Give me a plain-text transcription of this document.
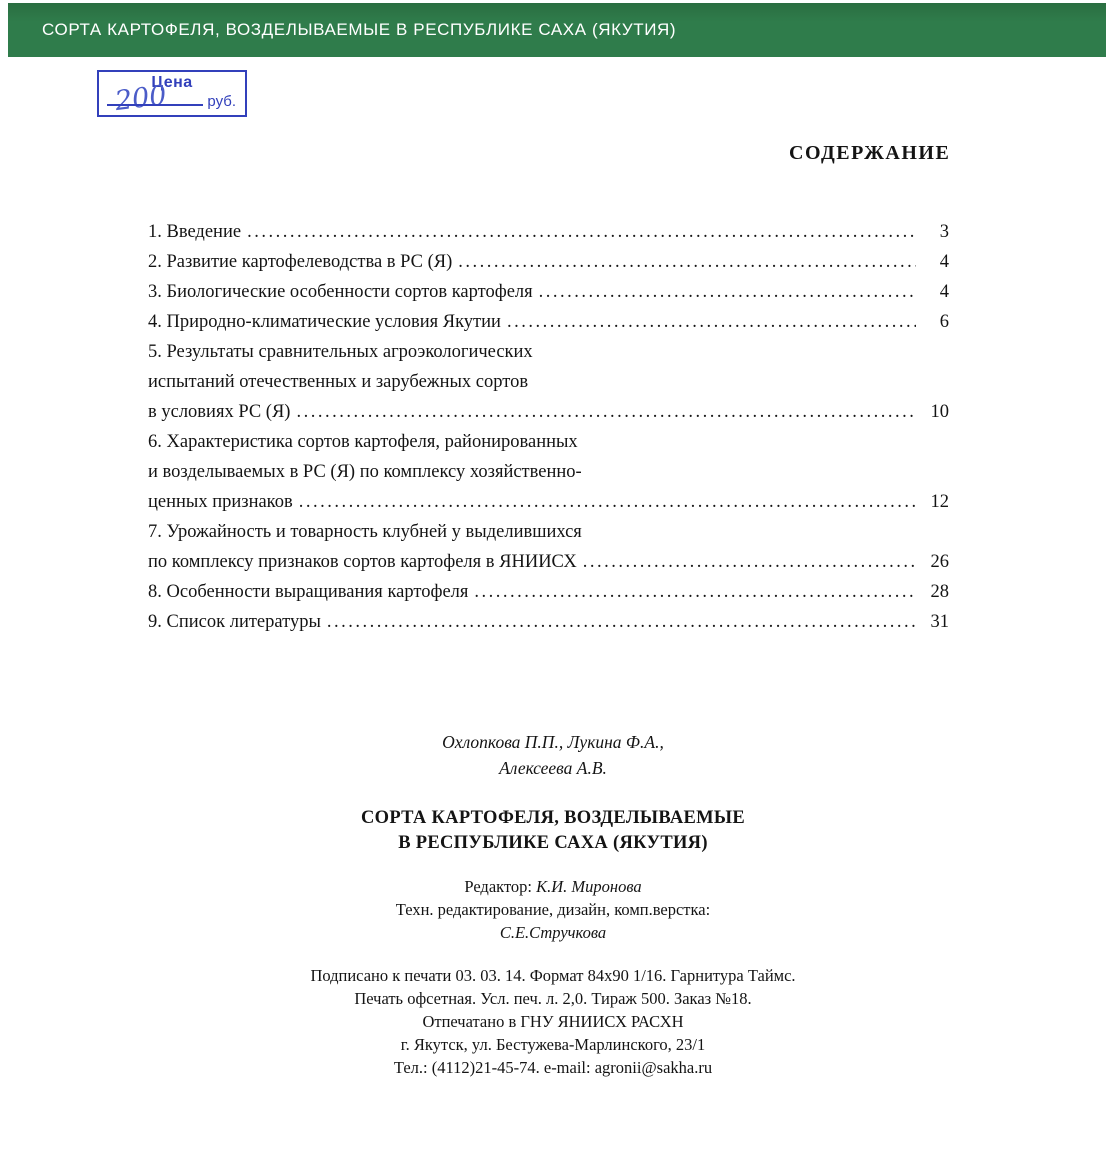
СОРТА КАРТОФЕЛЯ, ВОЗДЕЛЫВАЕМЫЕ В РЕСПУБЛИКЕ САХА (ЯКУТИЯ)
Цена
200	руб.
СОДЕРЖАНИЕ
1. Введение .....	3
2. Развитие картофелеводства в РС (Я) .....	4
3. Биологические особенности сортов картофеля .....	4
4. Природно-климатические условия Якутии .....	6
5. Результаты сравнительных агроэкологических
испытаний отечественных и зарубежных сортов
в условиях РС (Я) .....	10
6. Характеристика сортов картофеля, районированных
и возделываемых в РС (Я) по комплексу хозяйственно-
ценных признаков .....	12
7. Урожайность и товарность клубней у выделившихся
по комплексу признаков сортов картофеля в ЯНИИСХ .....	26
8. Особенности выращивания картофеля .....	28
9. Список литературы .....	31
Охлопкова П.П., Лукина Ф.А.,
Алексеева А.В.
СОРТА КАРТОФЕЛЯ, ВОЗДЕЛЫВАЕМЫЕ
В РЕСПУБЛИКЕ САХА (ЯКУТИЯ)
Редактор: К.И. Миронова
Техн. редактирование, дизайн, комп.верстка:
С.Е.Стручкова
Подписано к печати 03. 03. 14. Формат 84х90 1/16. Гарнитура Таймс.
Печать офсетная. Усл. печ. л. 2,0. Тираж 500. Заказ №18.
Отпечатано в ГНУ ЯНИИСХ РАСХН
г. Якутск, ул. Бестужева-Марлинского, 23/1
Тел.: (4112)21-45-74. e-mail: agronii@sakha.ru
